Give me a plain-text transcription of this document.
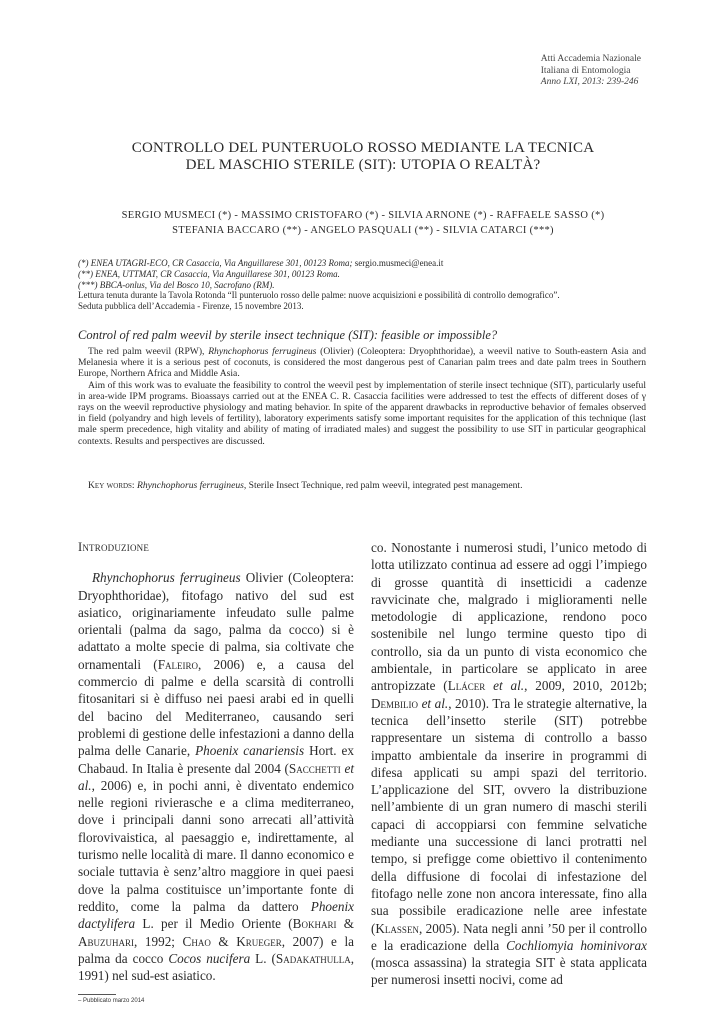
Atti Accademia Nazionale
Italiana di Entomologia
Anno LXI, 2013: 239-246
CONTROLLO DEL PUNTERUOLO ROSSO MEDIANTE LA TECNICA
DEL MASCHIO STERILE (SIT): UTOPIA O REALTÀ?
SERGIO MUSMECI (*) - MASSIMO CRISTOFARO (*) - SILVIA ARNONE (*) - RAFFAELE SASSO (*)
STEFANIA BACCARO (**) - ANGELO PASQUALI (**) - SILVIA CATARCI (***)
(*) ENEA UTAGRI-ECO, CR Casaccia, Via Anguillarese 301, 00123 Roma; sergio.musmeci@enea.it
(**) ENEA, UTTMAT, CR Casaccia, Via Anguillarese 301, 00123 Roma.
(***) BBCA-onlus, Via del Bosco 10, Sacrofano (RM).
Lettura tenuta durante la Tavola Rotonda “Il punteruolo rosso delle palme: nuove acquisizioni e possibilità di controllo demografico”.
Seduta pubblica dell’Accademia - Firenze, 15 novembre 2013.
Control of red palm weevil by sterile insect technique (SIT): feasible or impossible?

The red palm weevil (RPW), Rhynchophorus ferrugineus (Olivier) (Coleoptera: Dryophthoridae), a weevil native to South-eastern Asia and Melanesia where it is a serious pest of coconuts, is considered the most dangerous pest of Canarian palm trees and date palm trees in Southern Europe, Northern Africa and Middle Asia.

Aim of this work was to evaluate the feasibility to control the weevil pest by implementation of sterile insect technique (SIT), particularly useful in area-wide IPM programs. Bioassays carried out at the ENEA C. R. Casaccia facilities were addressed to test the effects of different doses of γ rays on the weevil reproductive physiology and mating behavior. In spite of the apparent drawbacks in reproductive behavior of females observed in field (polyandry and high levels of fertility), laboratory experiments satisfy some important requisites for the application of this technique (last male sperm precedence, high vitality and ability of mating of irradiated males) and suggest the possibility to use SIT in particular geographical contexts. Results and perspectives are discussed.

Key words: Rhynchophorus ferrugineus, Sterile Insect Technique, red palm weevil, integrated pest management.
Introduzione

Rhynchophorus ferrugineus Olivier (Coleoptera: Dryophthoridae), fitofago nativo del sud est asiatico, originariamente infeudato sulle palme orientali (palma da sago, palma da cocco) si è adattato a molte specie di palma, sia coltivate che ornamentali (Faleiro, 2006) e, a causa del commercio di palme e della scarsità di controlli fitosanitari si è diffuso nei paesi arabi ed in quelli del bacino del Mediterraneo, causando seri problemi di gestione delle infestazioni a danno della palma delle Canarie, Phoenix canariensis Hort. ex Chabaud. In Italia è presente dal 2004 (Sacchetti et al., 2006) e, in pochi anni, è diventato endemico nelle regioni rivierasche e a clima mediterraneo, dove i principali danni sono arrecati all’attività florovivaistica, al paesaggio e, indirettamente, al turismo nelle località di mare. Il danno economico e sociale tuttavia è senz’altro maggiore in quei paesi dove la palma costituisce un’importante fonte di reddito, come la palma da dattero Phoenix dactylifera L. per il Medio Oriente (Bokhari & Abuzuhari, 1992; Chao & Krueger, 2007) e la palma da cocco Cocos nucifera L. (Sadakathulla, 1991) nel sud-est asiatico.

co. Nonostante i numerosi studi, l’unico metodo di lotta utilizzato continua ad essere ad oggi l’impiego di grosse quantità di insetticidi a cadenze ravvicinate che, malgrado i miglioramenti nelle metodologie di applicazione, rendono poco sostenibile nel lungo termine questo tipo di controllo, sia da un punto di vista economico che ambientale, in particolare se applicato in aree antropizzate (Llácer et al., 2009, 2010, 2012b; Dembilio et al., 2010). Tra le strategie alternative, la tecnica dell’insetto sterile (SIT) potrebbe rappresentare un sistema di controllo a basso impatto ambientale da inserire in programmi di difesa applicati su ampi spazi del territorio. L’applicazione del SIT, ovvero la distribuzione nell’ambiente di un gran numero di maschi sterili capaci di accoppiarsi con femmine selvatiche mediante una successione di lanci protratti nel tempo, si prefigge come obiettivo il contenimento della diffusione di focolai di infestazione del fitofago nelle zone non ancora interessate, fino alla sua possibile eradicazione nelle aree infestate (Klassen, 2005). Nata negli anni ’50 per il controllo e la eradicazione della Cochliomyia hominivorax (mosca assassina) la strategia SIT è stata applicata per numerosi insetti nocivi, come ad

– Pubblicato marzo 2014
